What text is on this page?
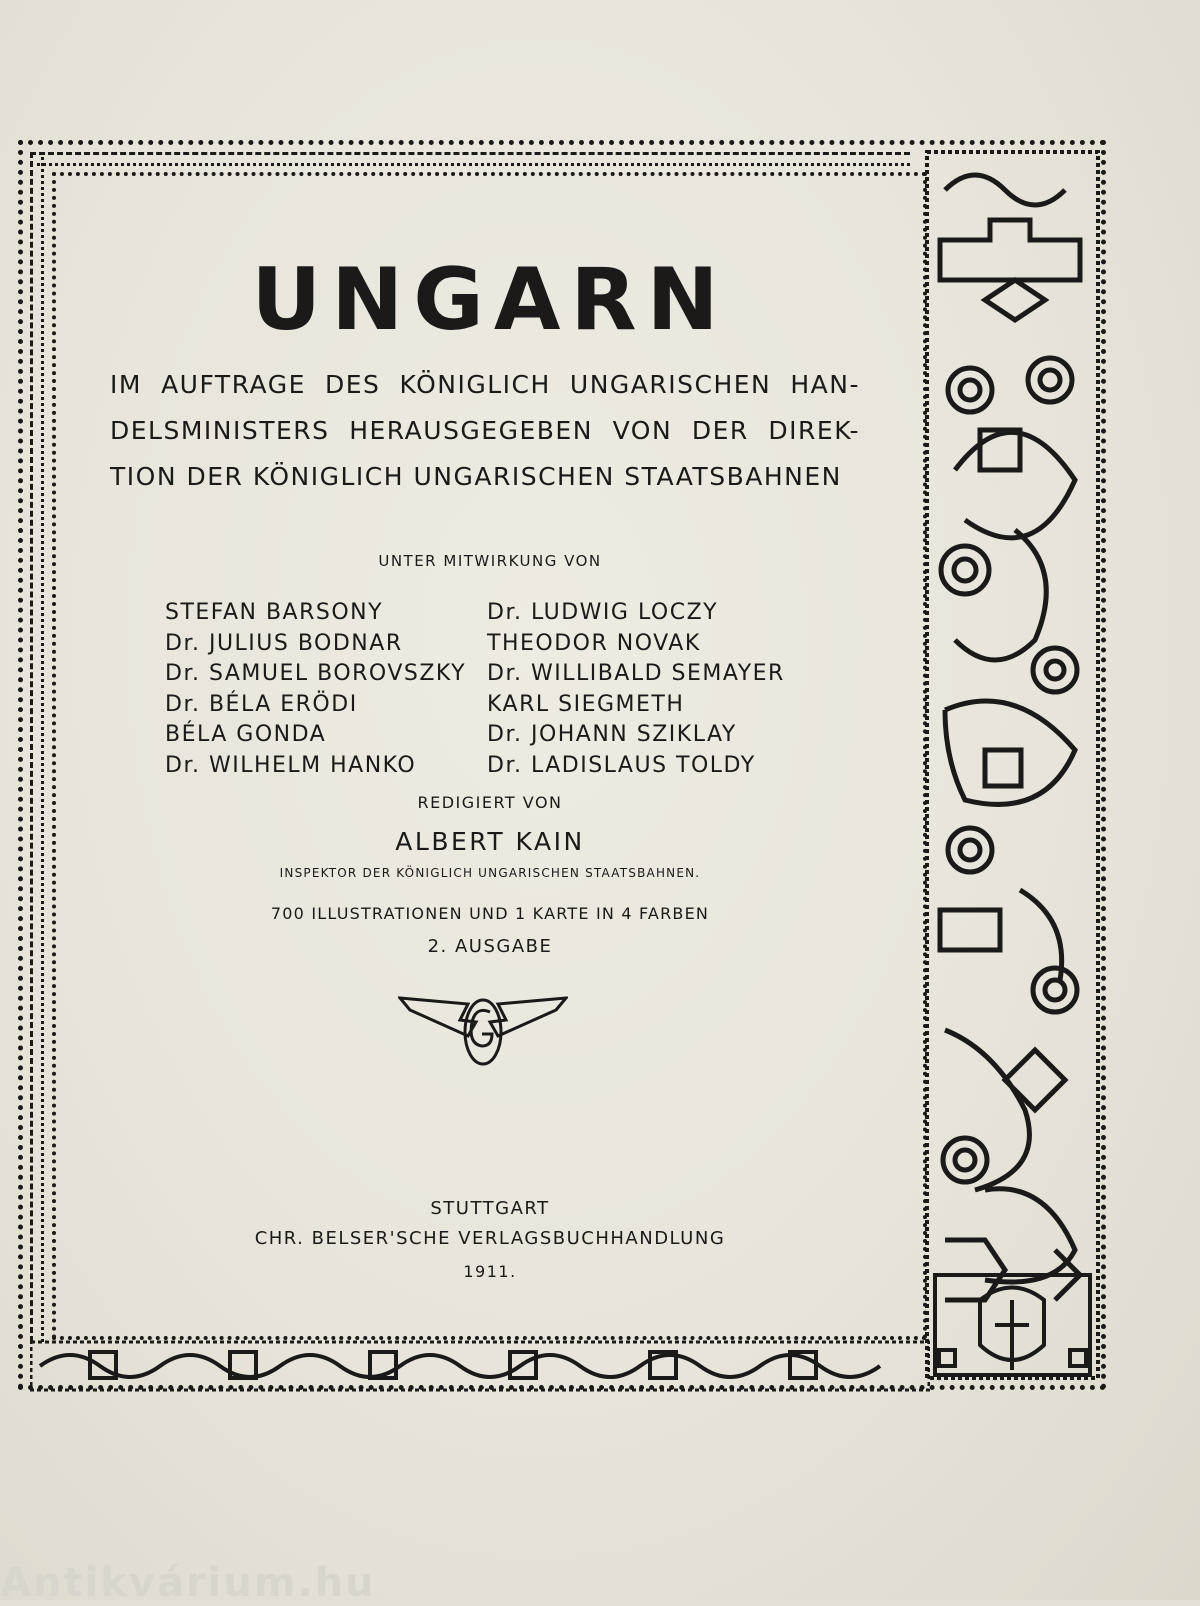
UNGARN
IM AUFTRAGE DES KÖNIGLICH UNGARISCHEN HAN-
DELSMINISTERS HERAUSGEGEBEN VON DER DIREK-
TION DER KÖNIGLICH UNGARISCHEN STAATSBAHNEN
UNTER MITWIRKUNG VON
STEFAN BARSONY
Dr. JULIUS BODNAR
Dr. SAMUEL BOROVSZKY
Dr. BÉLA ERÖDI
BÉLA GONDA
Dr. WILHELM HANKO
Dr. LUDWIG LOCZY
THEODOR NOVAK
Dr. WILLIBALD SEMAYER
KARL SIEGMETH
Dr. JOHANN SZIKLAY
Dr. LADISLAUS TOLDY
REDIGIERT VON
ALBERT KAIN
INSPEKTOR DER KÖNIGLICH UNGARISCHEN STAATSBAHNEN.
700 ILLUSTRATIONEN UND 1 KARTE IN 4 FARBEN
2. AUSGABE
STUTTGART
CHR. BELSER'SCHE VERLAGSBUCHHANDLUNG
1911.
Antikvárium.hu
